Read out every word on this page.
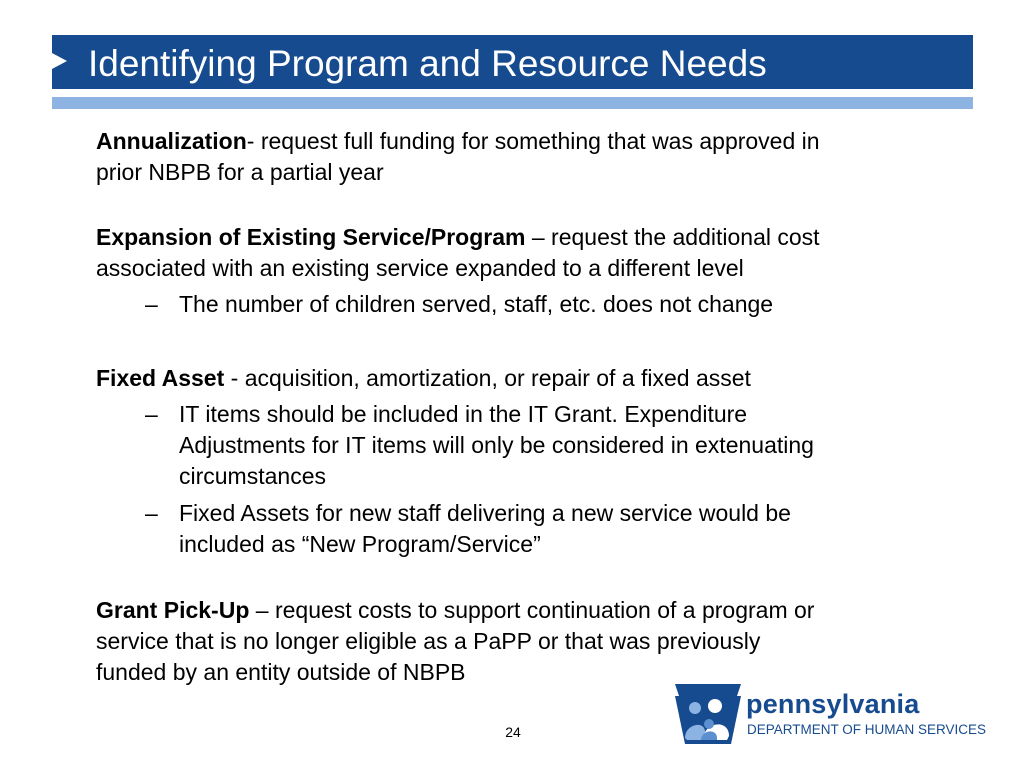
Identifying Program and Resource Needs
Annualization- request full funding for something that was approved in
prior NBPB for a partial year
Expansion of Existing Service/Program – request the additional cost
associated with an existing service expanded to a different level
– The number of children served, staff, etc. does not change
Fixed Asset - acquisition, amortization, or repair of a fixed asset
– IT items should be included in the IT Grant. Expenditure
Adjustments for IT items will only be considered in extenuating
circumstances
– Fixed Assets for new staff delivering a new service would be
included as “New Program/Service”
Grant Pick-Up – request costs to support continuation of a program or
service that is no longer eligible as a PaPP or that was previously
funded by an entity outside of NBPB
24
pennsylvania
DEPARTMENT OF HUMAN SERVICES
